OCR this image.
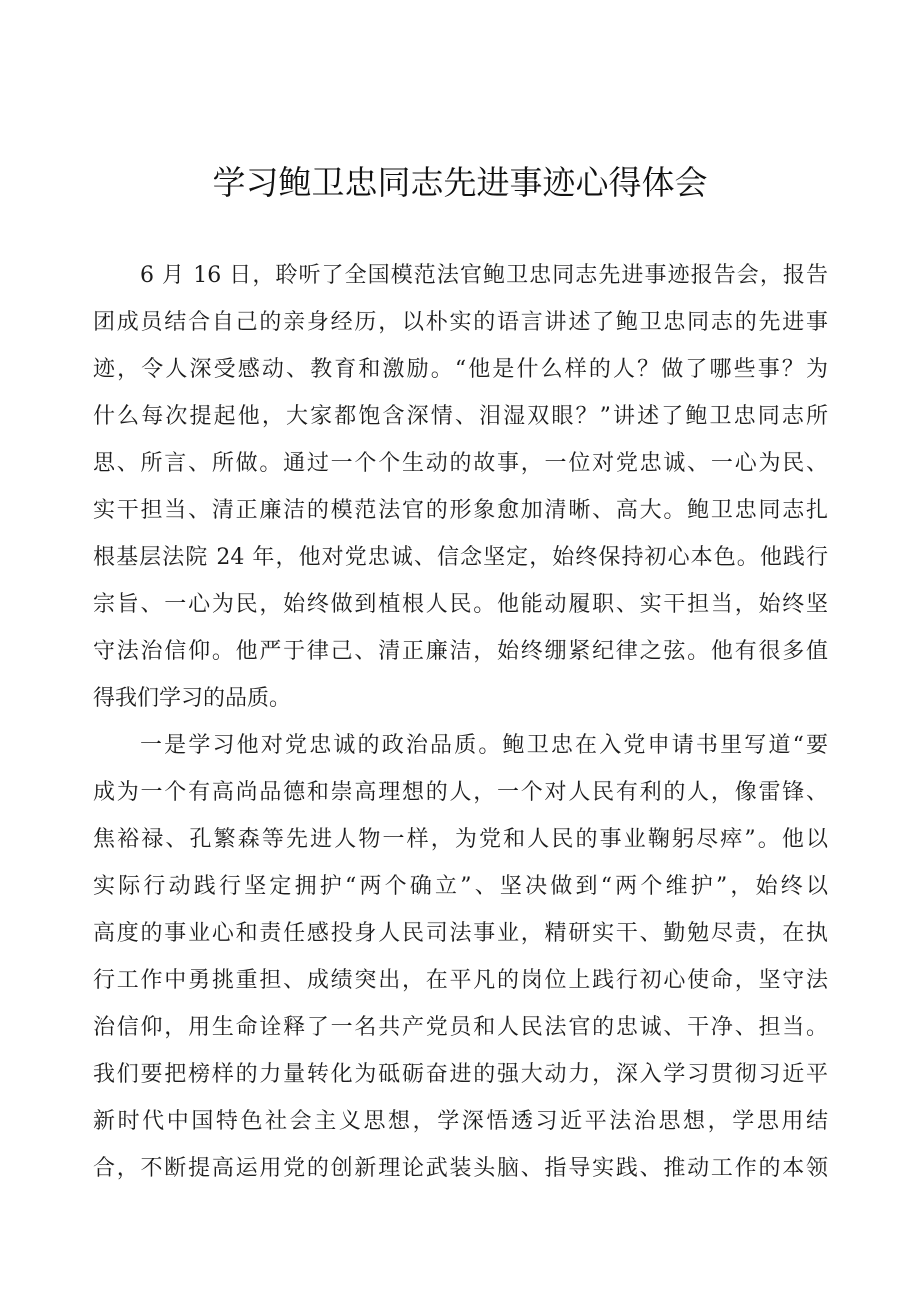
学习鲍卫忠同志先进事迹心得体会
6 月 16 日，聆听了全国模范法官鲍卫忠同志先进事迹报告会，报告
团成员结合自己的亲身经历，以朴实的语言讲述了鲍卫忠同志的先进事
迹，令人深受感动、教育和激励。“他是什么样的人？做了哪些事？为
什么每次提起他，大家都饱含深情、泪湿双眼？”讲述了鲍卫忠同志所
思、所言、所做。通过一个个生动的故事，一位对党忠诚、一心为民、
实干担当、清正廉洁的模范法官的形象愈加清晰、高大。鲍卫忠同志扎
根基层法院 24 年，他对党忠诚、信念坚定，始终保持初心本色。他践行
宗旨、一心为民，始终做到植根人民。他能动履职、实干担当，始终坚
守法治信仰。他严于律己、清正廉洁，始终绷紧纪律之弦。他有很多值
得我们学习的品质。
一是学习他对党忠诚的政治品质。鲍卫忠在入党申请书里写道“要
成为一个有高尚品德和崇高理想的人，一个对人民有利的人，像雷锋、
焦裕禄、孔繁森等先进人物一样，为党和人民的事业鞠躬尽瘁”。他以
实际行动践行坚定拥护“两个确立”、坚决做到“两个维护”，始终以
高度的事业心和责任感投身人民司法事业，精研实干、勤勉尽责，在执
行工作中勇挑重担、成绩突出，在平凡的岗位上践行初心使命，坚守法
治信仰，用生命诠释了一名共产党员和人民法官的忠诚、干净、担当。
我们要把榜样的力量转化为砥砺奋进的强大动力，深入学习贯彻习近平
新时代中国特色社会主义思想，学深悟透习近平法治思想，学思用结
合，不断提高运用党的创新理论武装头脑、指导实践、推动工作的本领
